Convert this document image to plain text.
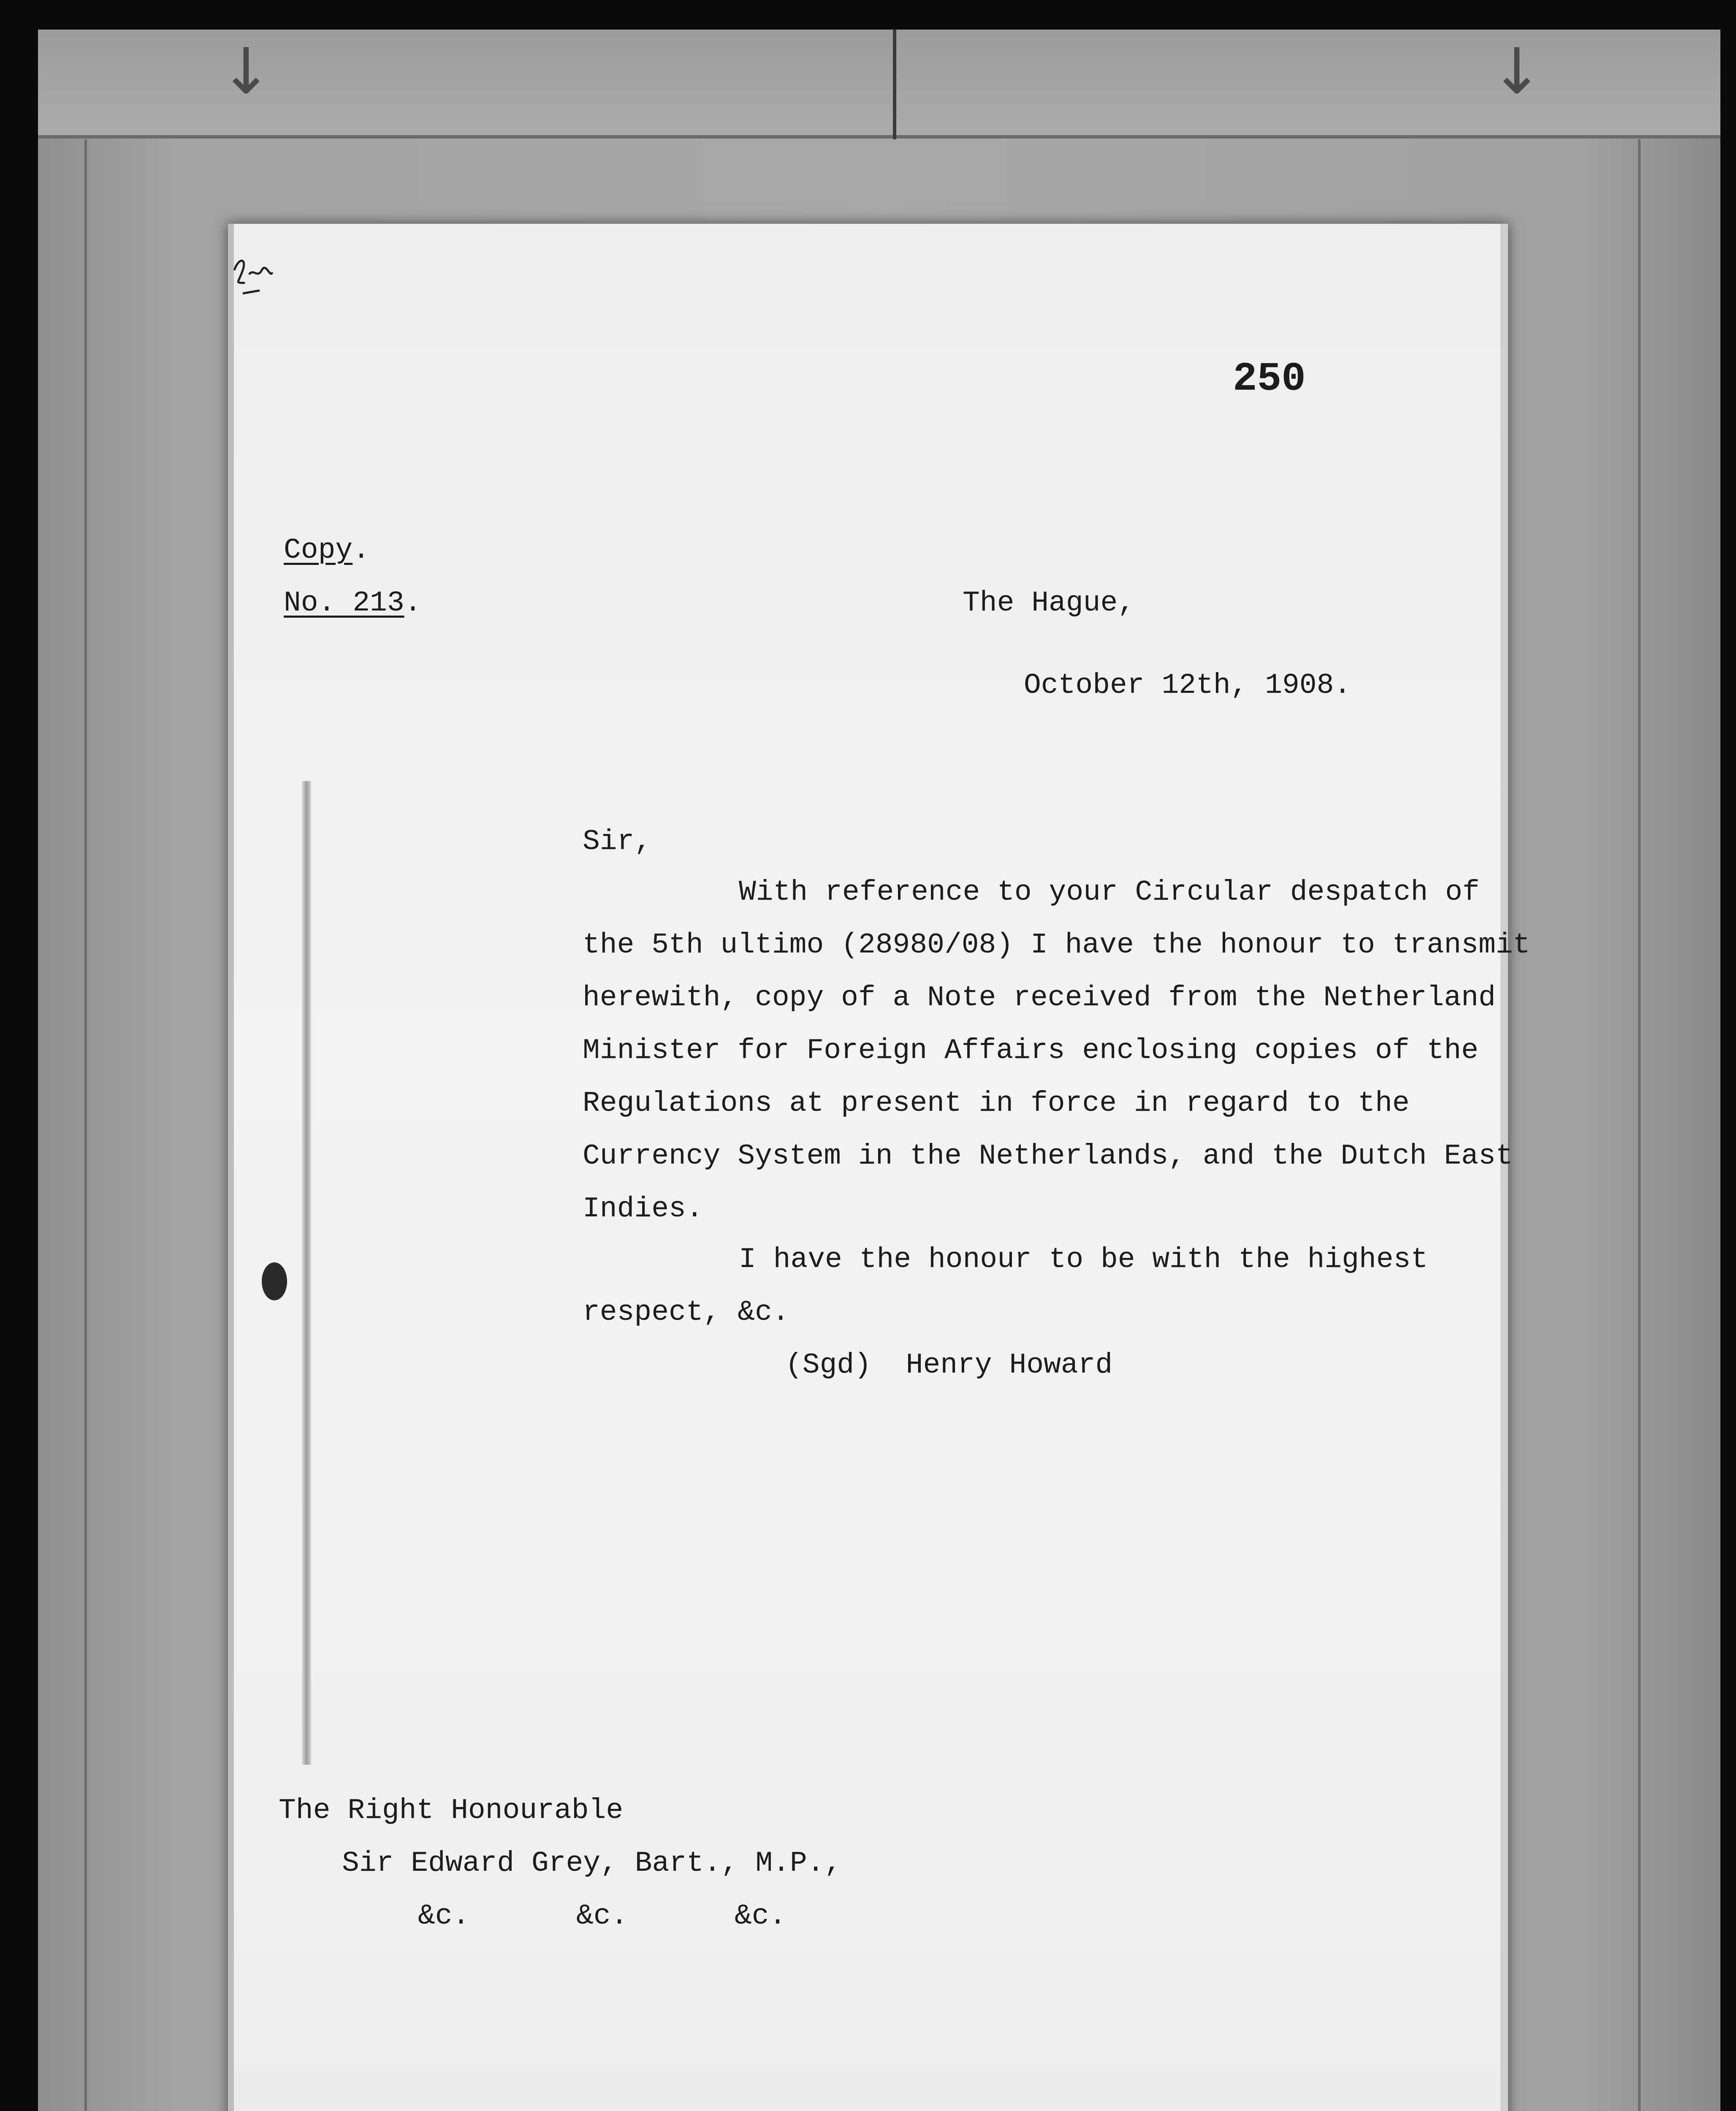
↓	↓
250
Copy.
No. 213.	The Hague,
October 12th, 1908.
Sir,
With reference to your Circular despatch of
the 5th ultimo (28980/08) I have the honour to transmit
herewith, copy of a Note received from the Netherland
Minister for Foreign Affairs enclosing copies of the
Regulations at present in force in regard to the
Currency System in the Netherlands, and the Dutch East
Indies.
I have the honour to be with the highest
respect, &c.
(Sgd)  Henry Howard
The Right Honourable
Sir Edward Grey, Bart., M.P.,
&c.	&c.	&c.
